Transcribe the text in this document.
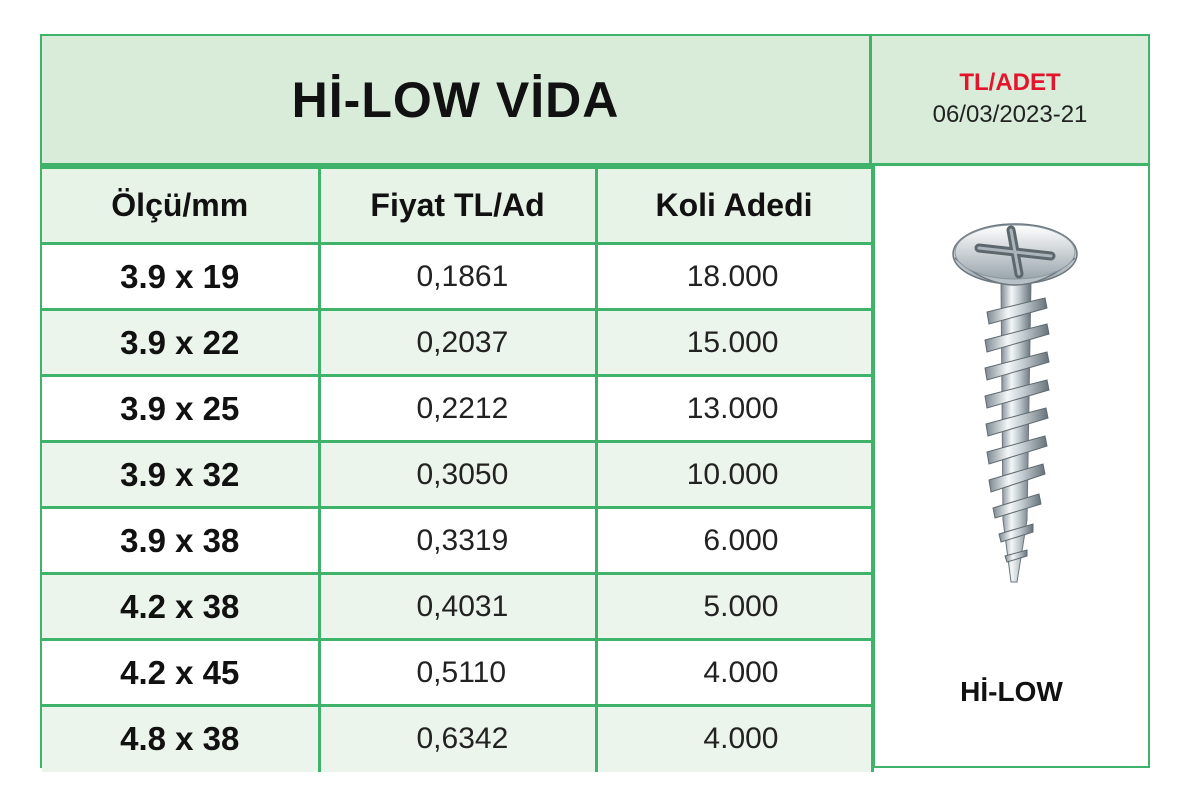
Hİ-LOW VİDA	TL/ADET
06/03/2023-21
Ölçü/mm	Fiyat TL/Ad	Koli Adedi
3.9 x 19	0,1861	18.000
3.9 x 22	0,2037	15.000
3.9 x 25	0,2212	13.000
3.9 x 32	0,3050	10.000
3.9 x 38	0,3319	6.000
4.2 x 38	0,4031	5.000
4.2 x 45	0,5110	4.000
4.8 x 38	0,6342	4.000
Hİ-LOW
